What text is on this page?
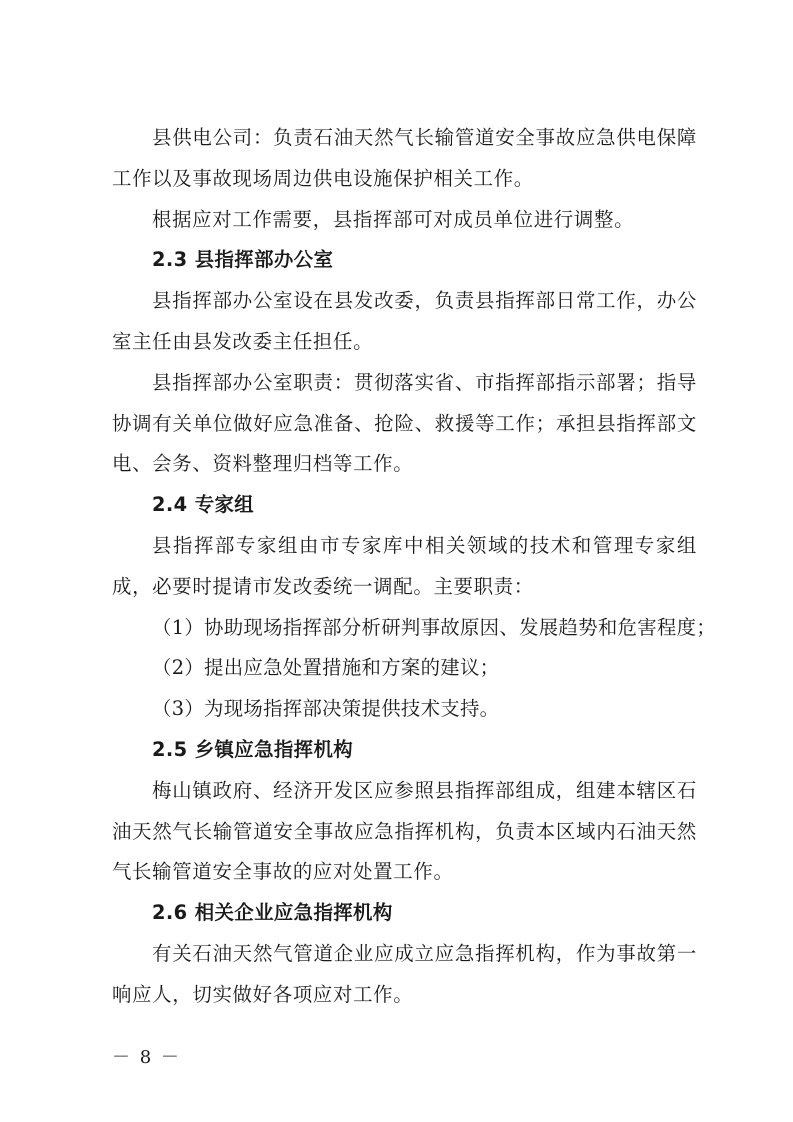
县供电公司：负责石油天然气长输管道安全事故应急供电保障工作以及事故现场周边供电设施保护相关工作。

根据应对工作需要，县指挥部可对成员单位进行调整。

2.3 县指挥部办公室

县指挥部办公室设在县发改委，负责县指挥部日常工作，办公室主任由县发改委主任担任。

县指挥部办公室职责：贯彻落实省、市指挥部指示部署；指导协调有关单位做好应急准备、抢险、救援等工作；承担县指挥部文电、会务、资料整理归档等工作。

2.4 专家组

县指挥部专家组由市专家库中相关领域的技术和管理专家组成，必要时提请市发改委统一调配。主要职责：

（1）协助现场指挥部分析研判事故原因、发展趋势和危害程度；

（2）提出应急处置措施和方案的建议；

（3）为现场指挥部决策提供技术支持。

2.5 乡镇应急指挥机构

梅山镇政府、经济开发区应参照县指挥部组成，组建本辖区石油天然气长输管道安全事故应急指挥机构，负责本区域内石油天然气长输管道安全事故的应对处置工作。

2.6 相关企业应急指挥机构

有关石油天然气管道企业应成立应急指挥机构，作为事故第一响应人，切实做好各项应对工作。

－ 8 －
